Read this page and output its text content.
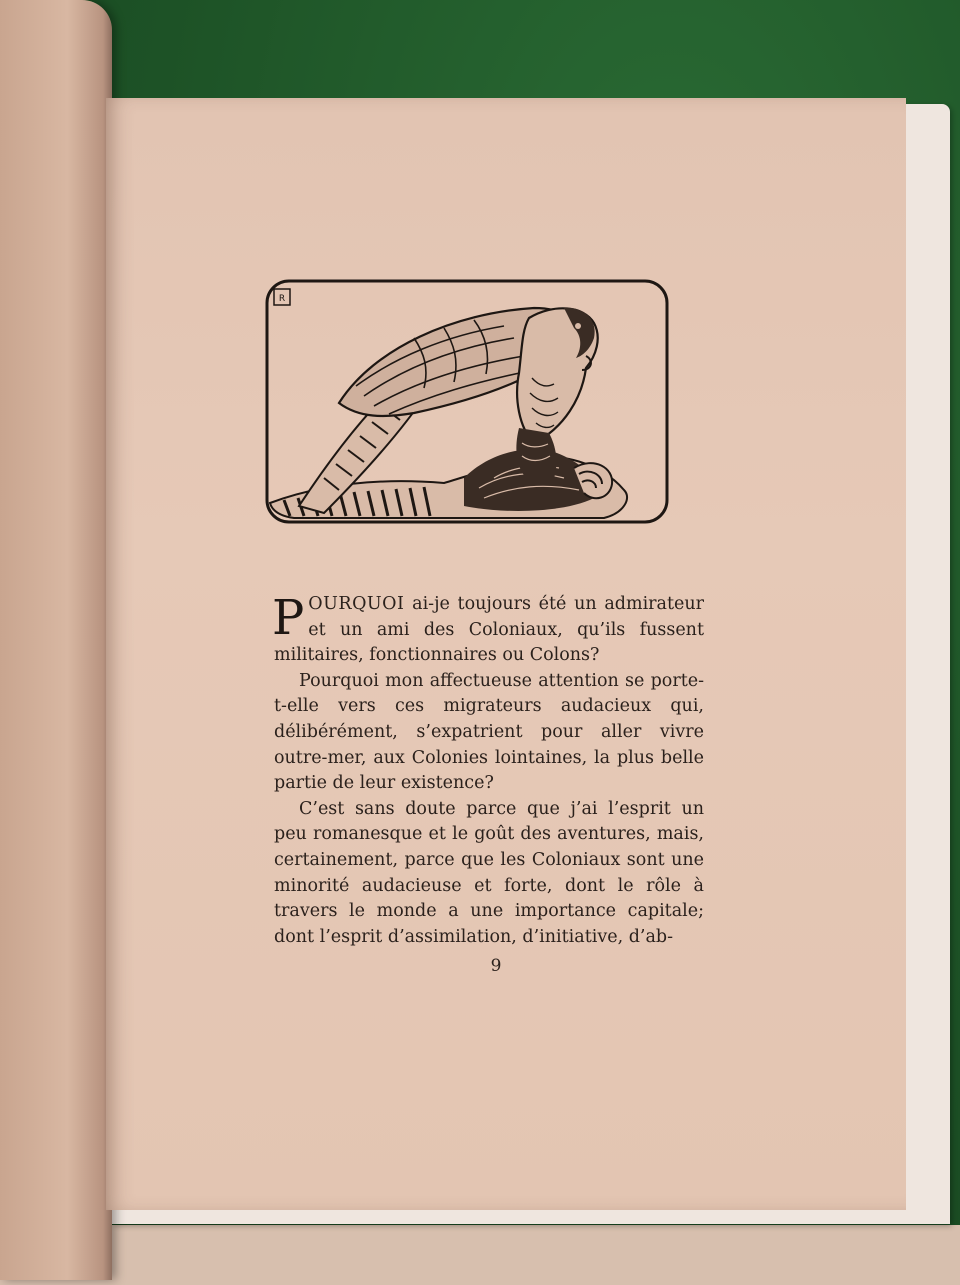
R

POURQUOI ai-je toujours été un admirateur et un ami des Coloniaux, qu’ils fussent militaires, fonctionnaires ou Colons?

Pourquoi mon affectueuse attention se porte-t-elle vers ces migrateurs audacieux qui, délibérément, s’expatrient pour aller vivre outre-mer, aux Colonies lointaines, la plus belle partie de leur existence?

C’est sans doute parce que j’ai l’esprit un peu romanesque et le goût des aventures, mais, certainement, parce que les Coloniaux sont une minorité audacieuse et forte, dont le rôle à travers le monde a une importance capitale; dont l’esprit d’assimilation, d’initiative, d’ab-

9
